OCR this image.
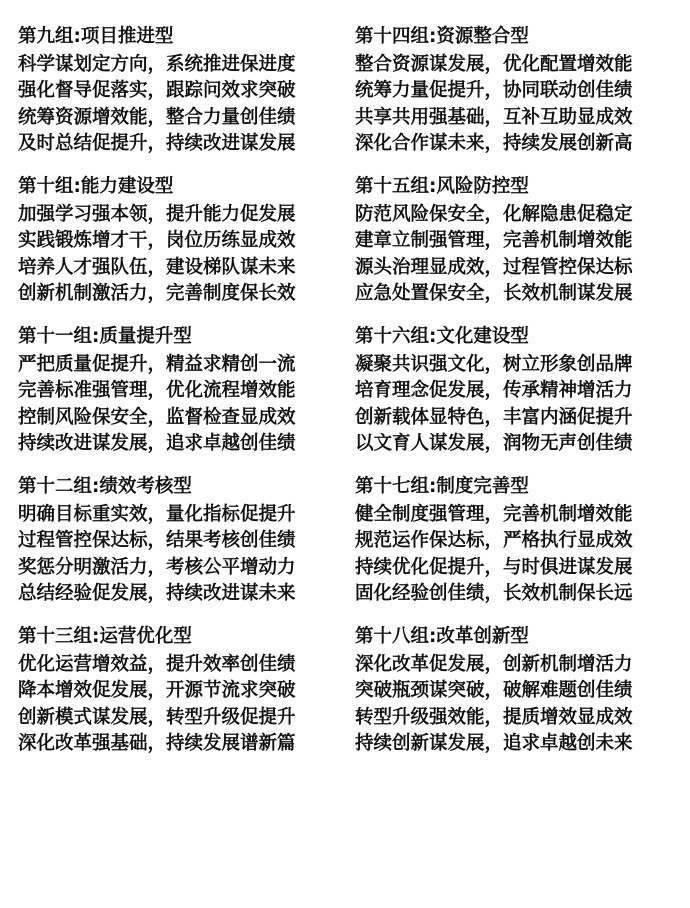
第九组:项目推进型
科学谋划定方向，系统推进保进度
强化督导促落实，跟踪问效求突破
统筹资源增效能，整合力量创佳绩
及时总结促提升，持续改进谋发展
第十组:能力建设型
加强学习强本领，提升能力促发展
实践锻炼增才干，岗位历练显成效
培养人才强队伍，建设梯队谋未来
创新机制激活力，完善制度保长效
第十一组:质量提升型
严把质量促提升，精益求精创一流
完善标准强管理，优化流程增效能
控制风险保安全，监督检查显成效
持续改进谋发展，追求卓越创佳绩
第十二组:绩效考核型
明确目标重实效，量化指标促提升
过程管控保达标，结果考核创佳绩
奖惩分明激活力，考核公平增动力
总结经验促发展，持续改进谋未来
第十三组:运营优化型
优化运营增效益，提升效率创佳绩
降本增效促发展，开源节流求突破
创新模式谋发展，转型升级促提升
深化改革强基础，持续发展谱新篇
第十四组:资源整合型
整合资源谋发展，优化配置增效能
统筹力量促提升，协同联动创佳绩
共享共用强基础，互补互助显成效
深化合作谋未来，持续发展创新高
第十五组:风险防控型
防范风险保安全，化解隐患促稳定
建章立制强管理，完善机制增效能
源头治理显成效，过程管控保达标
应急处置保安全，长效机制谋发展
第十六组:文化建设型
凝聚共识强文化，树立形象创品牌
培育理念促发展，传承精神增活力
创新载体显特色，丰富内涵促提升
以文育人谋发展，润物无声创佳绩
第十七组:制度完善型
健全制度强管理，完善机制增效能
规范运作保达标，严格执行显成效
持续优化促提升，与时俱进谋发展
固化经验创佳绩，长效机制保长远
第十八组:改革创新型
深化改革促发展，创新机制增活力
突破瓶颈谋突破，破解难题创佳绩
转型升级强效能，提质增效显成效
持续创新谋发展，追求卓越创未来
